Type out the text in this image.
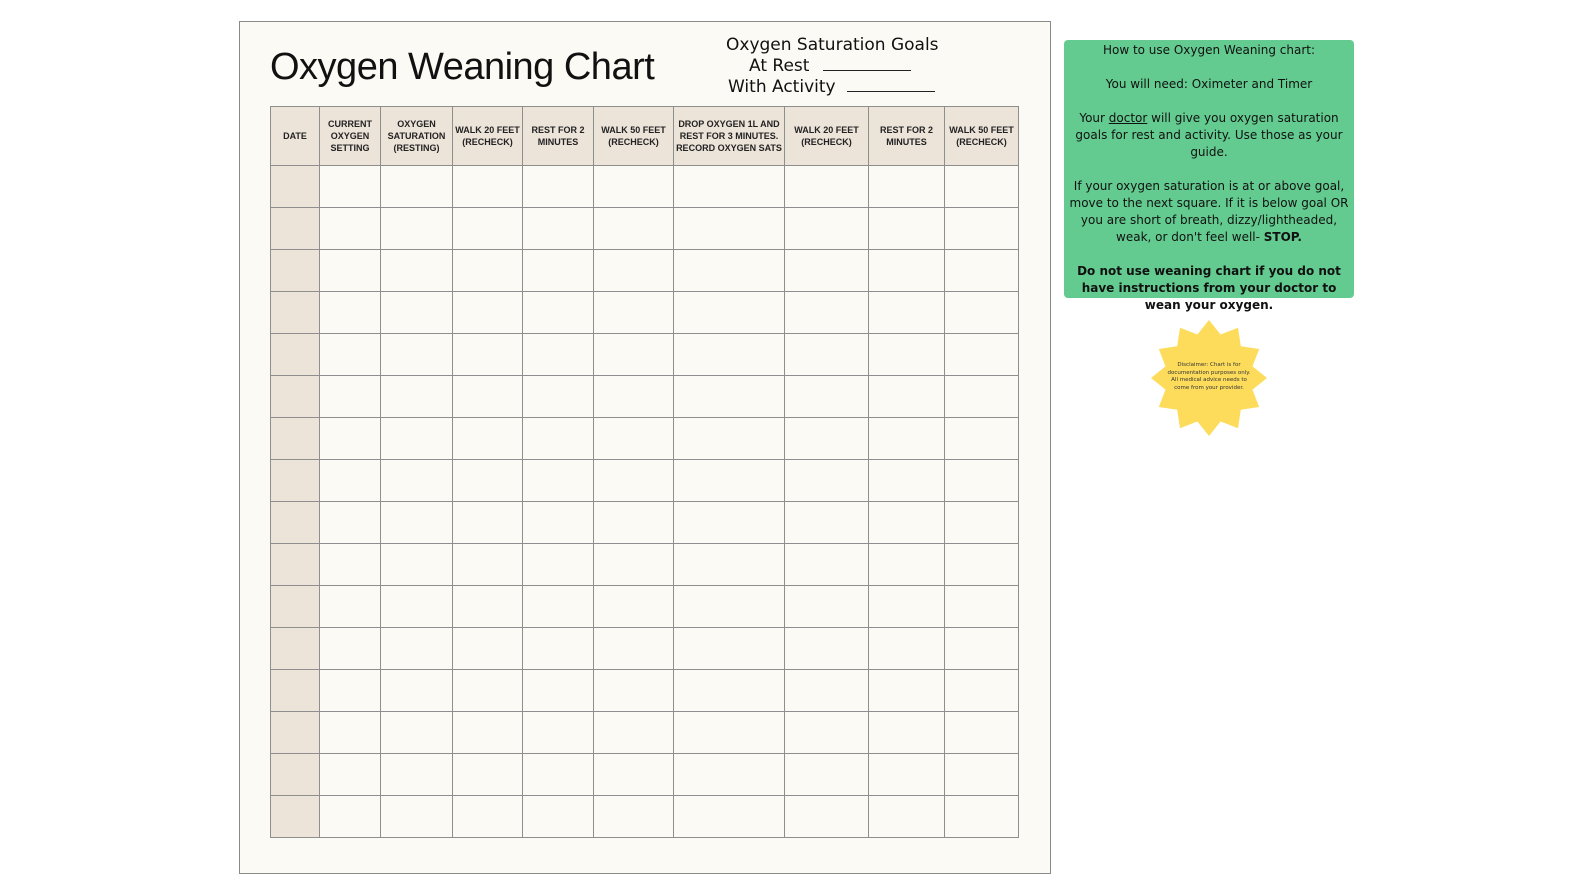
Oxygen Weaning Chart
Oxygen Saturation Goals
At Rest
With Activity
DATE	CURRENT OXYGEN SETTING	OXYGEN SATURATION (RESTING)	WALK 20 FEET (RECHECK)	REST FOR 2 MINUTES	WALK 50 FEET (RECHECK)	DROP OXYGEN 1L AND REST FOR 3 MINUTES. RECORD OXYGEN SATS	WALK 20 FEET (RECHECK)	REST FOR 2 MINUTES	WALK 50 FEET (RECHECK)

How to use Oxygen Weaning chart:

You will need: Oximeter and Timer

Your doctor will give you oxygen saturation goals for rest and activity. Use those as your guide.

If your oxygen saturation is at or above goal, move to the next square. If it is below goal OR you are short of breath, dizzy/lightheaded, weak, or don't feel well- STOP.

Do not use weaning chart if you do not have instructions from your doctor to wean your oxygen.

Disclaimer: Chart is for documentation purposes only. All medical advice needs to come from your provider.
